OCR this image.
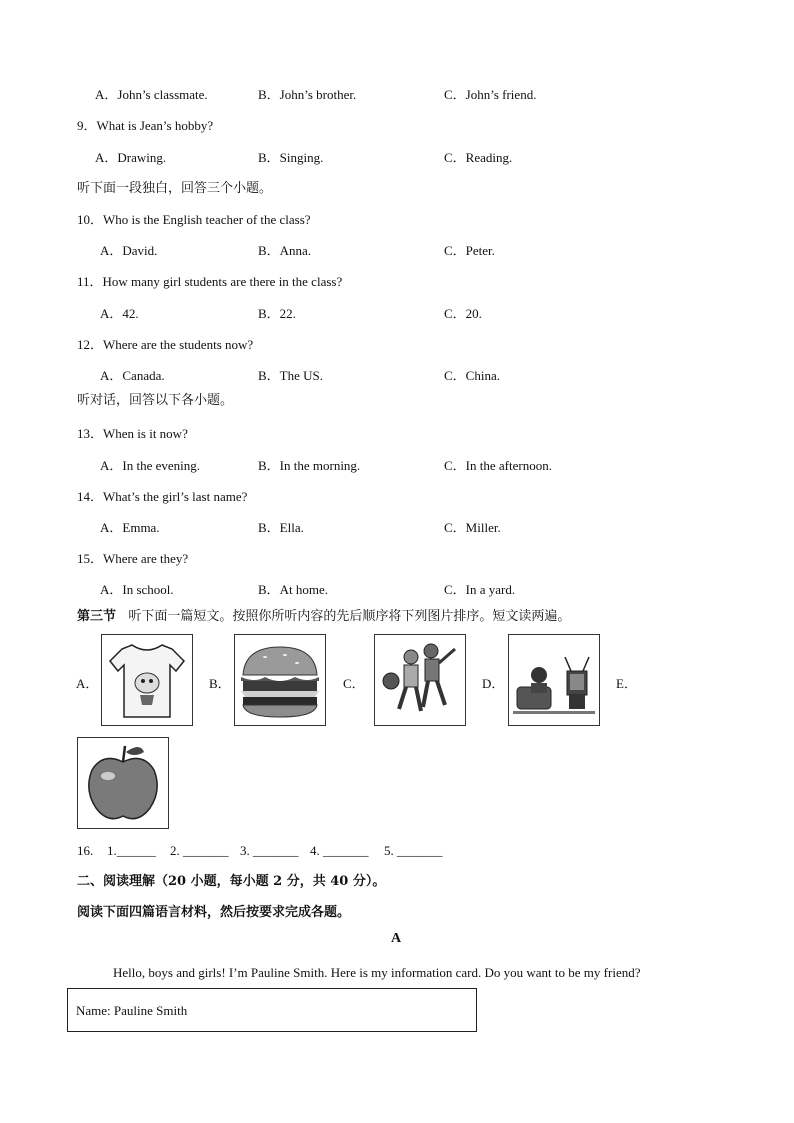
A．John’s classmate.	B．John’s brother.	C．John’s friend.
9．What is Jean’s hobby?
A．Drawing.	B．Singing.	C．Reading.
听下面一段独白，回答三个小题。
10．Who is the English teacher of the class?
A．David.	B．Anna.	C．Peter.
11．How many girl students are there in the class?
A．42.	B．22.	C．20.
12．Where are the students now?
A．Canada.	B．The US.	C．China.
听对话，回答以下各小题。
13．When is it now?
A．In the evening.	B．In the morning.	C．In the afternoon.
14．What’s the girl’s last name?
A．Emma.	B．Ella.	C．Miller.
15．Where are they?
A．In school.	B．At home.	C．In a yard.
第三节 听下面一篇短文。按照你所听内容的先后顺序将下列图片排序。短文读两遍。
A．	B．	C．	D．	E．
16. 1.______ 2. _______ 3. _______ 4. _______ 5. _______
二、阅读理解（20 小题，每小题 2 分，共 40 分）。
阅读下面四篇语言材料，然后按要求完成各题。
A
Hello, boys and girls! I’m Pauline Smith. Here is my information card. Do you want to be my friend?
Name: Pauline Smith
